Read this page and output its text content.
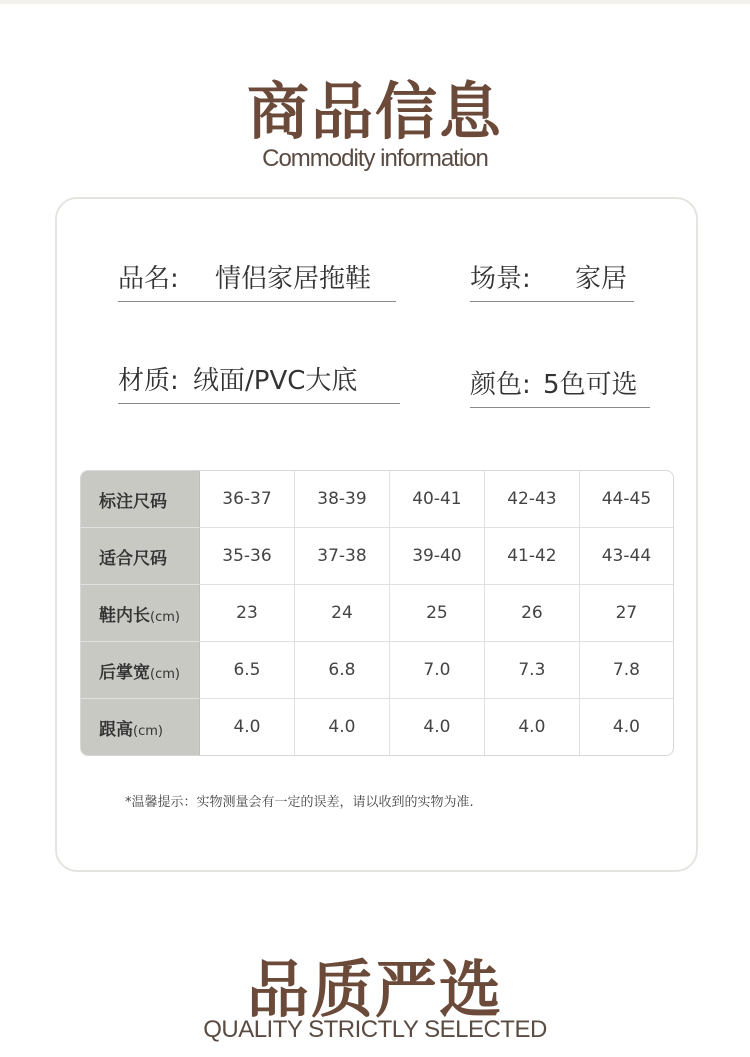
商品信息
Commodity information
品名: 情侣家居拖鞋	场景: 家居
材质: 绒面/PVC大底	颜色: 5色可选
标注尺码	36-37	38-39	40-41	42-43	44-45
适合尺码	35-36	37-38	39-40	41-42	43-44
鞋内长(cm)	23	24	25	26	27
后掌宽(cm)	6.5	6.8	7.0	7.3	7.8
跟高(cm)	4.0	4.0	4.0	4.0	4.0
*温馨提示：实物测量会有一定的误差，请以收到的实物为准.
品质严选
QUALITY STRICTLY SELECTED
